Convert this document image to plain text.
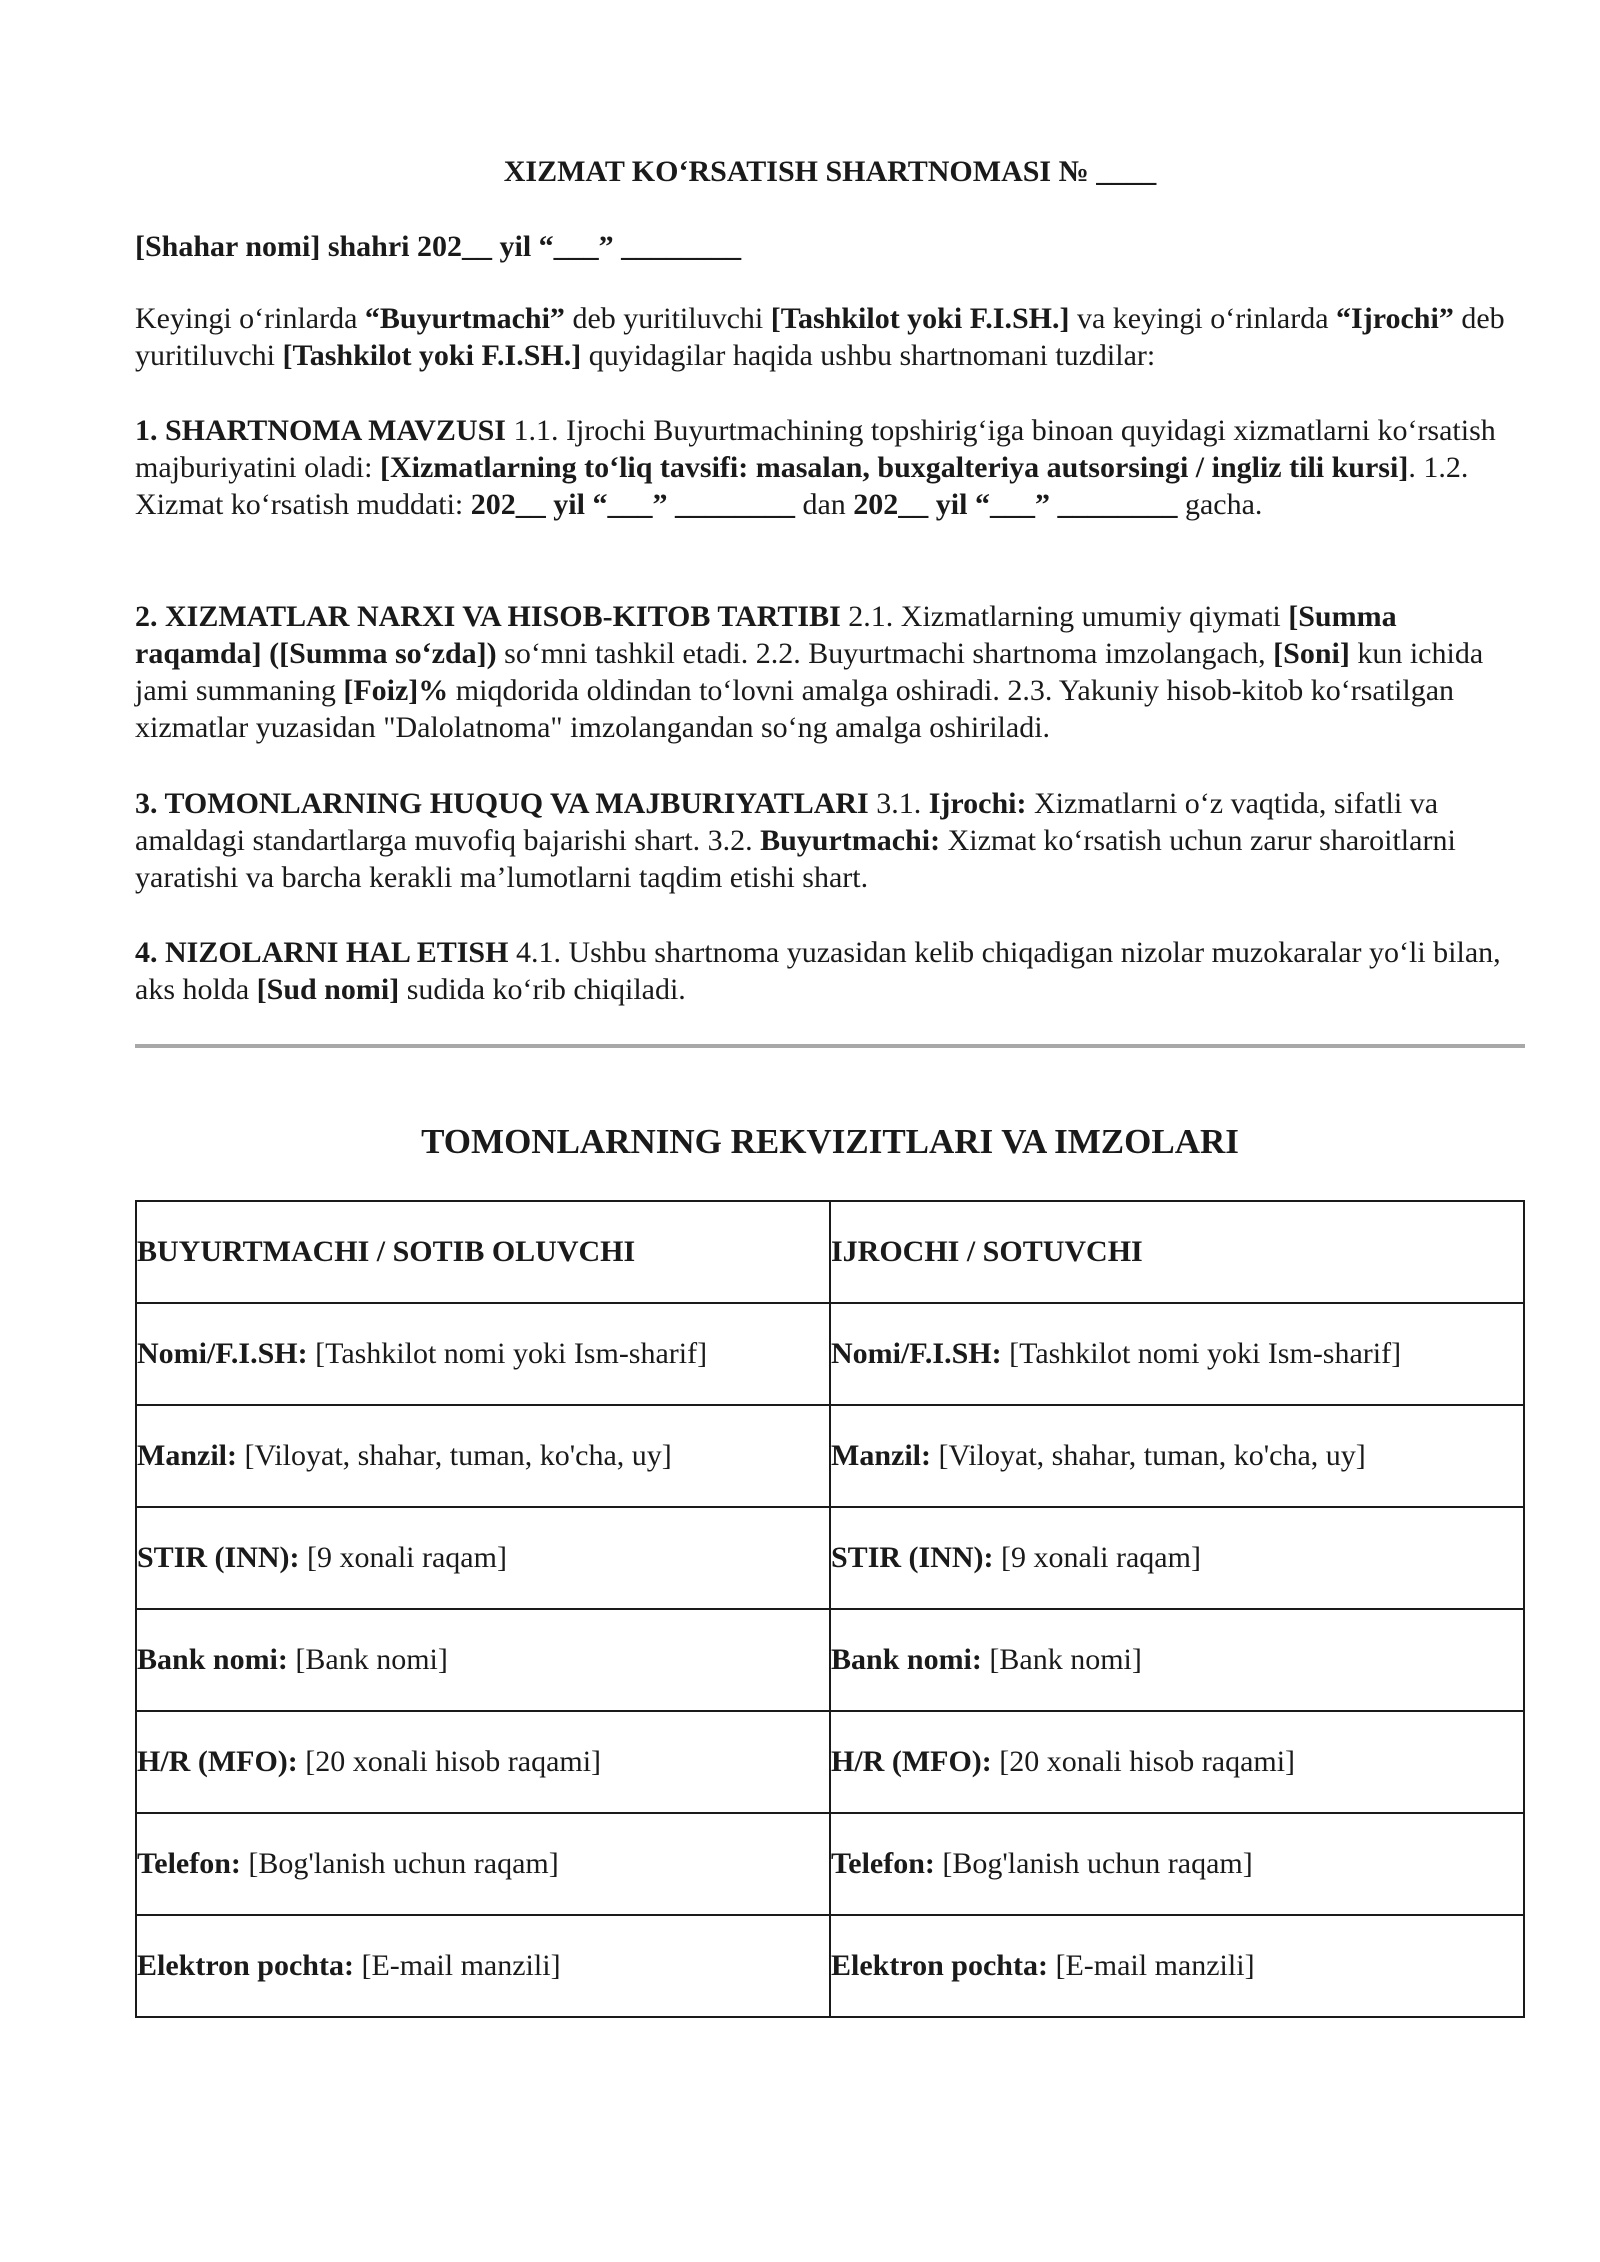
XIZMAT KO‘RSATISH SHARTNOMASI № ____
[Shahar nomi] shahri 202__ yil “___” ________

Keyingi o‘rinlarda “Buyurtmachi” deb yuritiluvchi [Tashkilot yoki F.I.SH.] va keyingi o‘rinlarda “Ijrochi” deb yuritiluvchi [Tashkilot yoki F.I.SH.] quyidagilar haqida ushbu shartnomani tuzdilar:

1. SHARTNOMA MAVZUSI 1.1. Ijrochi Buyurtmachining topshirig‘iga binoan quyidagi xizmatlarni ko‘rsatish majburiyatini oladi: [Xizmatlarning to‘liq tavsifi: masalan, buxgalteriya autsorsingi / ingliz tili kursi]. 1.2. Xizmat ko‘rsatish muddati: 202__ yil “___” ________ dan 202__ yil “___” ________ gacha.

2. XIZMATLAR NARXI VA HISOB-KITOB TARTIBI 2.1. Xizmatlarning umumiy qiymati [Summa raqamda] ([Summa so‘zda]) so‘mni tashkil etadi. 2.2. Buyurtmachi shartnoma imzolangach, [Soni] kun ichida jami summaning [Foiz]% miqdorida oldindan to‘lovni amalga oshiradi. 2.3. Yakuniy hisob-kitob ko‘rsatilgan xizmatlar yuzasidan "Dalolatnoma" imzolangandan so‘ng amalga oshiriladi.

3. TOMONLARNING HUQUQ VA MAJBURIYATLARI 3.1. Ijrochi: Xizmatlarni o‘z vaqtida, sifatli va amaldagi standartlarga muvofiq bajarishi shart. 3.2. Buyurtmachi: Xizmat ko‘rsatish uchun zarur sharoitlarni yaratishi va barcha kerakli ma’lumotlarni taqdim etishi shart.

4. NIZOLARNI HAL ETISH 4.1. Ushbu shartnoma yuzasidan kelib chiqadigan nizolar muzokaralar yo‘li bilan, aks holda [Sud nomi] sudida ko‘rib chiqiladi.

TOMONLARNING REKVIZITLARI VA IMZOLARI
BUYURTMACHI / SOTIB OLUVCHI	IJROCHI / SOTUVCHI
Nomi/F.I.SH: [Tashkilot nomi yoki Ism-sharif]	Nomi/F.I.SH: [Tashkilot nomi yoki Ism-sharif]
Manzil: [Viloyat, shahar, tuman, ko'cha, uy]	Manzil: [Viloyat, shahar, tuman, ko'cha, uy]
STIR (INN): [9 xonali raqam]	STIR (INN): [9 xonali raqam]
Bank nomi: [Bank nomi]	Bank nomi: [Bank nomi]
H/R (MFO): [20 xonali hisob raqami]	H/R (MFO): [20 xonali hisob raqami]
Telefon: [Bog'lanish uchun raqam]	Telefon: [Bog'lanish uchun raqam]
Elektron pochta: [E-mail manzili]	Elektron pochta: [E-mail manzili]
